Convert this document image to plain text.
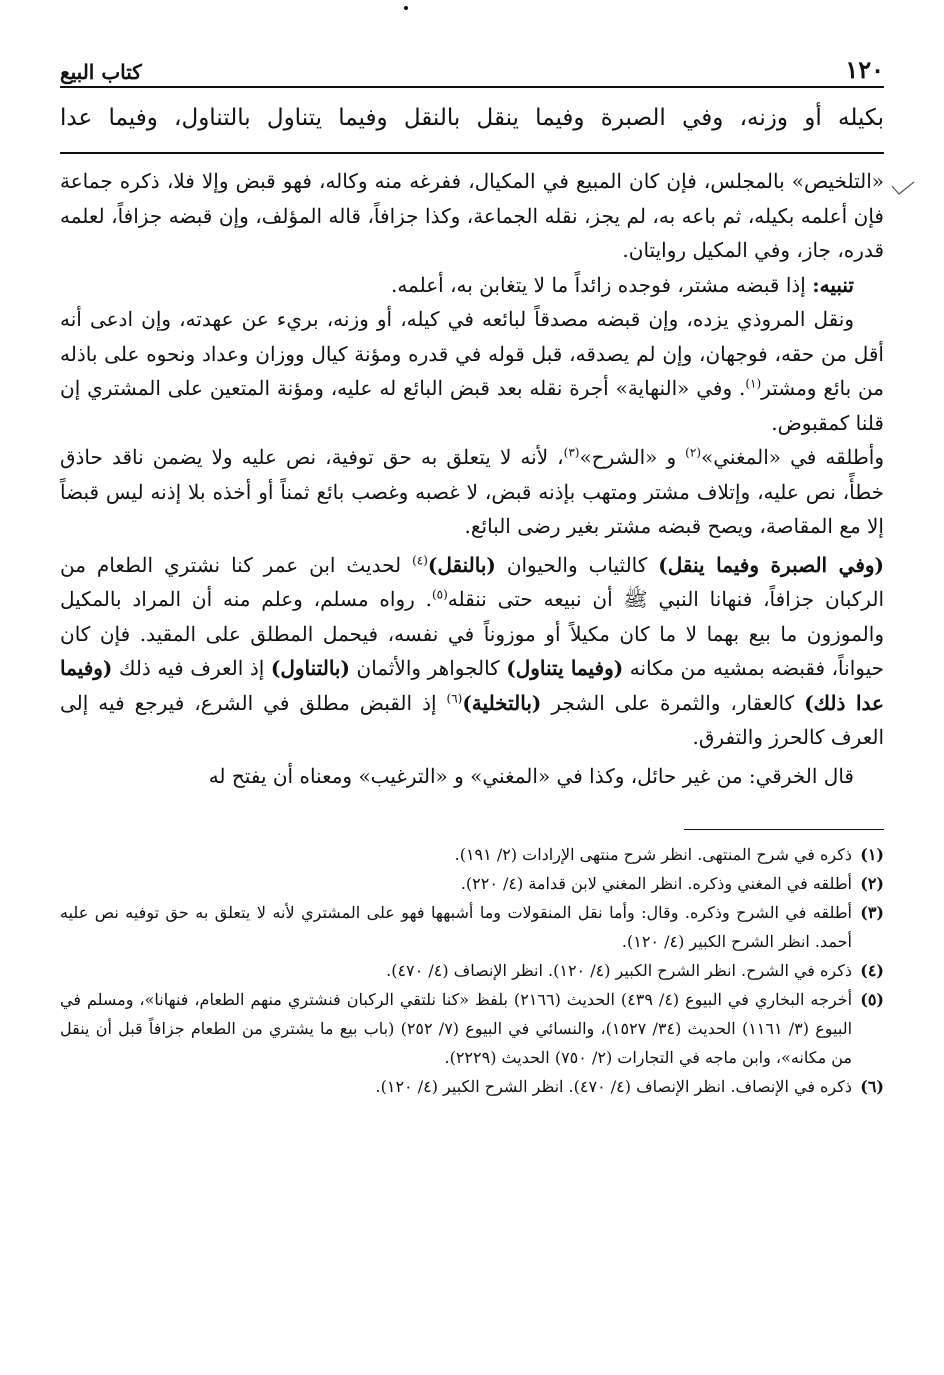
١٢٠
كتاب البيع
بكيله أو وزنه، وفي الصبرة وفيما ينقل بالنقل وفيما يتناول بالتناول، وفيما عدا

«التلخيص» بالمجلس، فإن كان المبيع في المكيال، ففرغه منه وكاله، فهو قبض وإلا فلا، ذكره جماعة فإن أعلمه بكيله، ثم باعه به، لم يجز، نقله الجماعة، وكذا جزافاً، قاله المؤلف، وإن قبضه جزافاً، لعلمه قدره، جاز، وفي المكيل روايتان.

تنبيه: إذا قبضه مشتر، فوجده زائداً ما لا يتغابن به، أعلمه.

ونقل المروذي يزده، وإن قبضه مصدقاً لبائعه في كيله، أو وزنه، بريء عن عهدته، وإن ادعى أنه أقل من حقه، فوجهان، وإن لم يصدقه، قبل قوله في قدره ومؤنة كيال ووزان وعداد ونحوه على باذله من بائع ومشتر$^{(١)}$. وفي «النهاية» أجرة نقله بعد قبض البائع له عليه، ومؤنة المتعين على المشتري إن قلنا كمقبوض.

وأطلقه في «المغني»$^{(٢)}$ و «الشرح»$^{(٣)}$، لأنه لا يتعلق به حق توفية، نص عليه ولا يضمن ناقد حاذق خطأً، نص عليه، وإتلاف مشتر ومتهب بإذنه قبض، لا غصبه وغصب بائع ثمناً أو أخذه بلا إذنه ليس قبضاً إلا مع المقاصة، ويصح قبضه مشتر بغير رضى البائع.

(وفي الصبرة وفيما ينقل) كالثياب والحيوان (بالنقل)$^{(٤)}$ لحديث ابن عمر كنا نشتري الطعام من الركبان جزافاً، فنهانا النبي ﷺ أن نبيعه حتى ننقله$^{(٥)}$. رواه مسلم، وعلم منه أن المراد بالمكيل والموزون ما بيع بهما لا ما كان مكيلاً أو موزوناً في نفسه، فيحمل المطلق على المقيد. فإن كان حيواناً، فقبضه بمشيه من مكانه (وفيما يتناول) كالجواهر والأثمان (بالتناول) إذ العرف فيه ذلك (وفيما عدا ذلك) كالعقار، والثمرة على الشجر (بالتخلية)$^{(٦)}$ إذ القبض مطلق في الشرع، فيرجع فيه إلى العرف كالحرز والتفرق.

قال الخرقي: من غير حائل، وكذا في «المغني» و «الترغيب» ومعناه أن يفتح له

(١)
ذكره في شرح المنتهى. انظر شرح منتهى الإرادات (٢/ ١٩١).
(٢)
أطلقه في المغني وذكره. انظر المغني لابن قدامة (٤/ ٢٢٠).
(٣)
أطلقه في الشرح وذكره. وقال: وأما نقل المنقولات وما أشبهها فهو على المشتري لأنه لا يتعلق به حق توفيه نص عليه أحمد. انظر الشرح الكبير (٤/ ١٢٠).
(٤)
ذكره في الشرح. انظر الشرح الكبير (٤/ ١٢٠). انظر الإنصاف (٤/ ٤٧٠).
(٥)
أخرجه البخاري في البيوع (٤/ ٤٣٩) الحديث (٢١٦٦) بلفظ «كنا نلتقي الركبان فنشتري منهم الطعام، فنهانا»، ومسلم في البيوع (٣/ ١١٦١) الحديث (٣٤/ ١٥٢٧)، والنسائي في البيوع (٧/ ٢٥٢) (باب بيع ما يشتري من الطعام جزافاً قبل أن ينقل من مكانه»، وابن ماجه في التجارات (٢/ ٧٥٠) الحديث (٢٢٢٩).
(٦)
ذكره في الإنصاف. انظر الإنصاف (٤/ ٤٧٠). انظر الشرح الكبير (٤/ ١٢٠).
